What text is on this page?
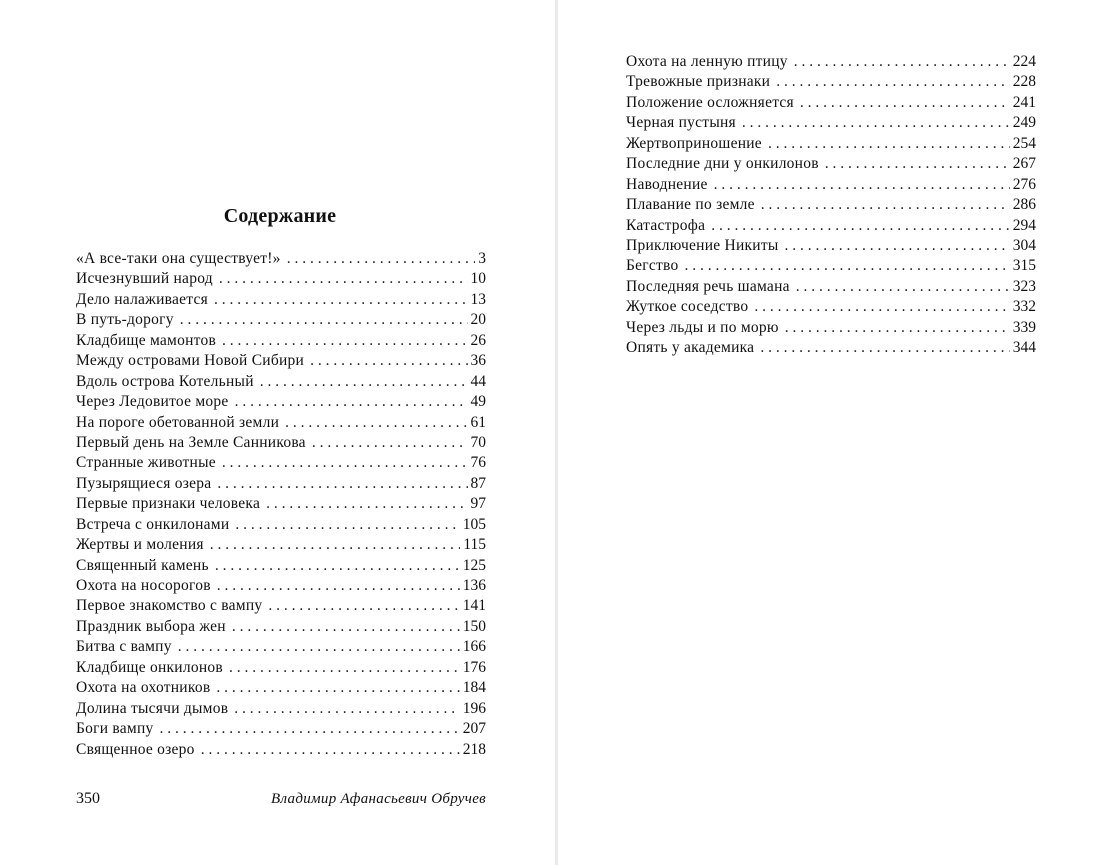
Содержание
«А все-таки она существует!» . . .	3
Исчезнувший народ . . .	10
Дело налаживается . . .	13
В путь-дорогу . . .	20
Кладбище мамонтов . . .	26
Между островами Новой Сибири . . .	36
Вдоль острова Котельный . . .	44
Через Ледовитое море . . .	49
На пороге обетованной земли . . .	61
Первый день на Земле Санникова . . .	70
Странные животные . . .	76
Пузырящиеся озера . . .	87
Первые признаки человека . . .	97
Встреча с онкилонами . . .	105
Жертвы и моления . . .	115
Священный камень . . .	125
Охота на носорогов . . .	136
Первое знакомство с вампу . . .	141
Праздник выбора жен . . .	150
Битва с вампу . . .	166
Кладбище онкилонов . . .	176
Охота на охотников . . .	184
Долина тысячи дымов . . .	196
Боги вампу . . .	207
Священное озеро . . .	218
350	Владимир Афанасьевич Обручев
Охота на ленную птицу . . .	224
Тревожные признаки . . .	228
Положение осложняется . . .	241
Черная пустыня . . .	249
Жертвоприношение . . .	254
Последние дни у онкилонов . . .	267
Наводнение . . .	276
Плавание по земле . . .	286
Катастрофа . . .	294
Приключение Никиты . . .	304
Бегство . . .	315
Последняя речь шамана . . .	323
Жуткое соседство . . .	332
Через льды и по морю . . .	339
Опять у академика . . .	344
